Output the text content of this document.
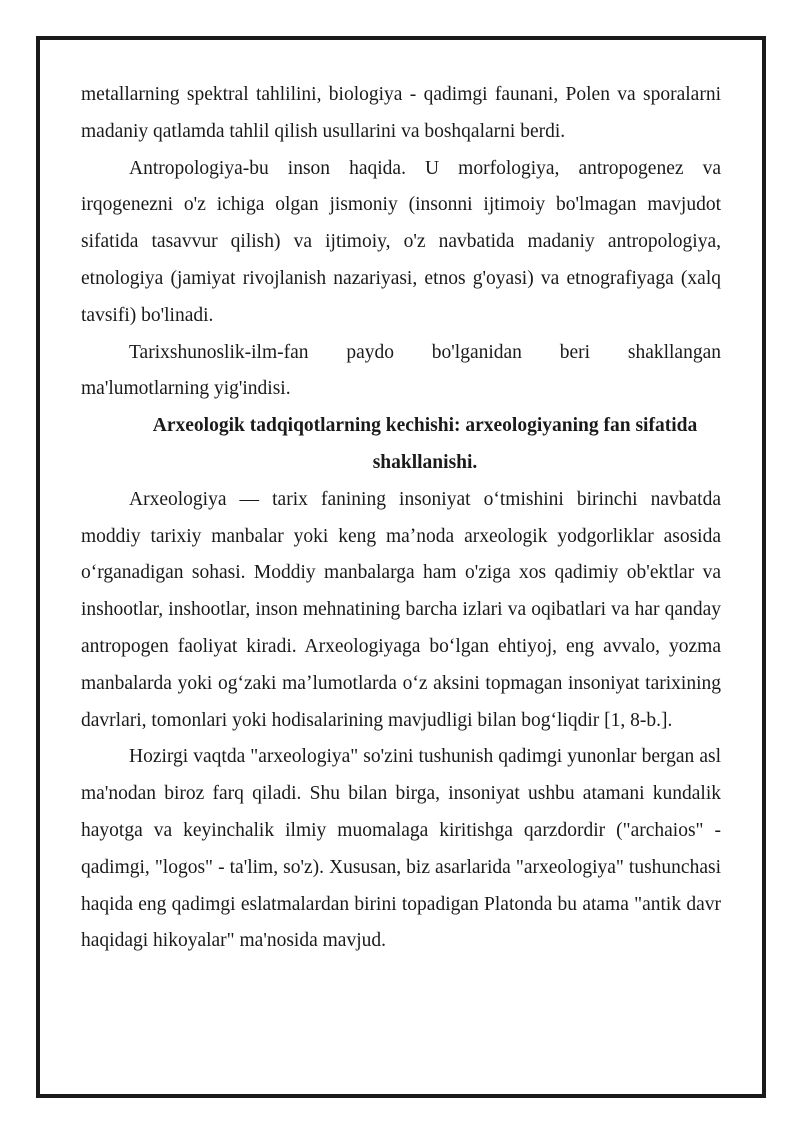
metallarning spektral tahlilini, biologiya - qadimgi faunani, Polen va sporalarni madaniy qatlamda tahlil qilish usullarini va boshqalarni berdi.

Antropologiya-bu inson haqida. U morfologiya, antropogenez va irqogenezni o'z ichiga olgan jismoniy (insonni ijtimoiy bo'lmagan mavjudot sifatida tasavvur qilish) va ijtimoiy, o'z navbatida madaniy antropologiya, etnologiya (jamiyat rivojlanish nazariyasi, etnos g'oyasi) va etnografiyaga (xalq tavsifi) bo'linadi.

Tarixshunoslik-ilm-fan paydo bo'lganidan beri shakllangan ma'lumotlarning yig'indisi.

Arxeologik tadqiqotlarning kechishi: arxeologiyaning fan sifatida shakllanishi.

Arxeologiya — tarix fanining insoniyat oʻtmishini birinchi navbatda moddiy tarixiy manbalar yoki keng maʼnoda arxeologik yodgorliklar asosida oʻrganadigan sohasi. Moddiy manbalarga ham o'ziga xos qadimiy ob'ektlar va inshootlar, inshootlar, inson mehnatining barcha izlari va oqibatlari va har qanday antropogen faoliyat kiradi. Arxeologiyaga boʻlgan ehtiyoj, eng avvalo, yozma manbalarda yoki ogʻzaki maʼlumotlarda oʻz aksini topmagan insoniyat tarixining davrlari, tomonlari yoki hodisalarining mavjudligi bilan bogʻliqdir [1, 8-b.].

Hozirgi vaqtda "arxeologiya" so'zini tushunish qadimgi yunonlar bergan asl ma'nodan biroz farq qiladi. Shu bilan birga, insoniyat ushbu atamani kundalik hayotga va keyinchalik ilmiy muomalaga kiritishga qarzdordir ("archaios" - qadimgi, "logos" - ta'lim, so'z). Xususan, biz asarlarida "arxeologiya" tushunchasi haqida eng qadimgi eslatmalardan birini topadigan Platonda bu atama "antik davr haqidagi hikoyalar" ma'nosida mavjud.
